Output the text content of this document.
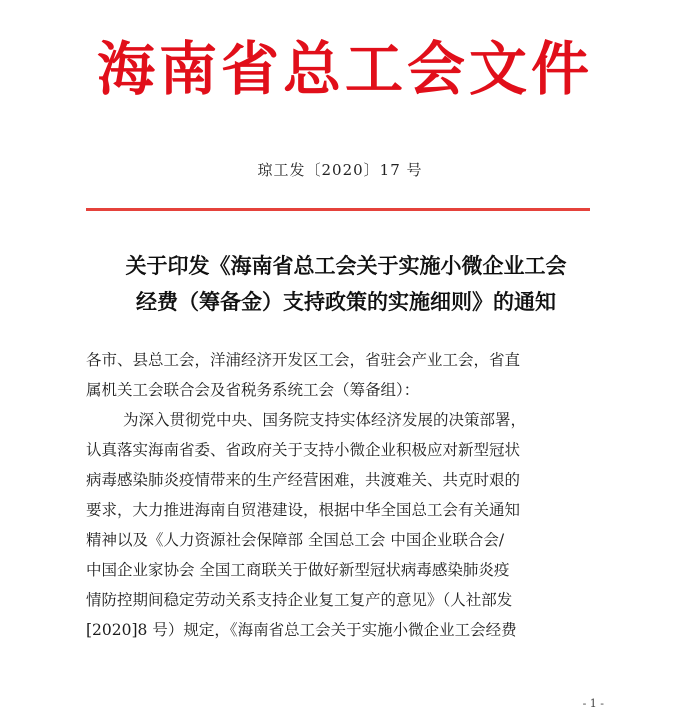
海南省总工会文件
琼工发〔2020〕17 号
关于印发《海南省总工会关于实施小微企业工会
经费（筹备金）支持政策的实施细则》的通知
各市、县总工会，洋浦经济开发区工会，省驻会产业工会，省直
属机关工会联合会及省税务系统工会（筹备组）：
为深入贯彻党中央、国务院支持实体经济发展的决策部署，
认真落实海南省委、省政府关于支持小微企业积极应对新型冠状
病毒感染肺炎疫情带来的生产经营困难，共渡难关、共克时艰的
要求，大力推进海南自贸港建设，根据中华全国总工会有关通知
精神以及《人力资源社会保障部 全国总工会 中国企业联合会/
中国企业家协会 全国工商联关于做好新型冠状病毒感染肺炎疫
情防控期间稳定劳动关系支持企业复工复产的意见》（人社部发
[2020]8 号）规定，《海南省总工会关于实施小微企业工会经费
- 1 -
